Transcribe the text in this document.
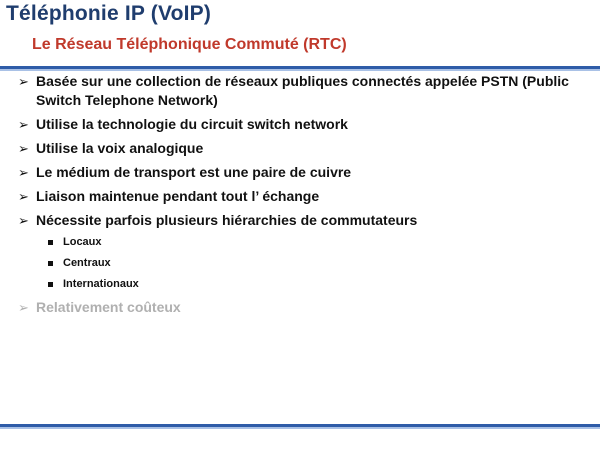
Téléphonie IP (VoIP)
Le Réseau Téléphonique Commuté (RTC)
➢ Basée sur une collection de réseaux publiques connectés appelée PSTN (Public Switch Telephone Network)
➢ Utilise la technologie du circuit switch network
➢ Utilise la voix analogique
➢ Le médium de transport est une paire de cuivre
➢ Liaison maintenue pendant tout l’ échange
➢ Nécessite parfois plusieurs hiérarchies de commutateurs
Locaux
Centraux
Internationaux
➢ Relativement coûteux
